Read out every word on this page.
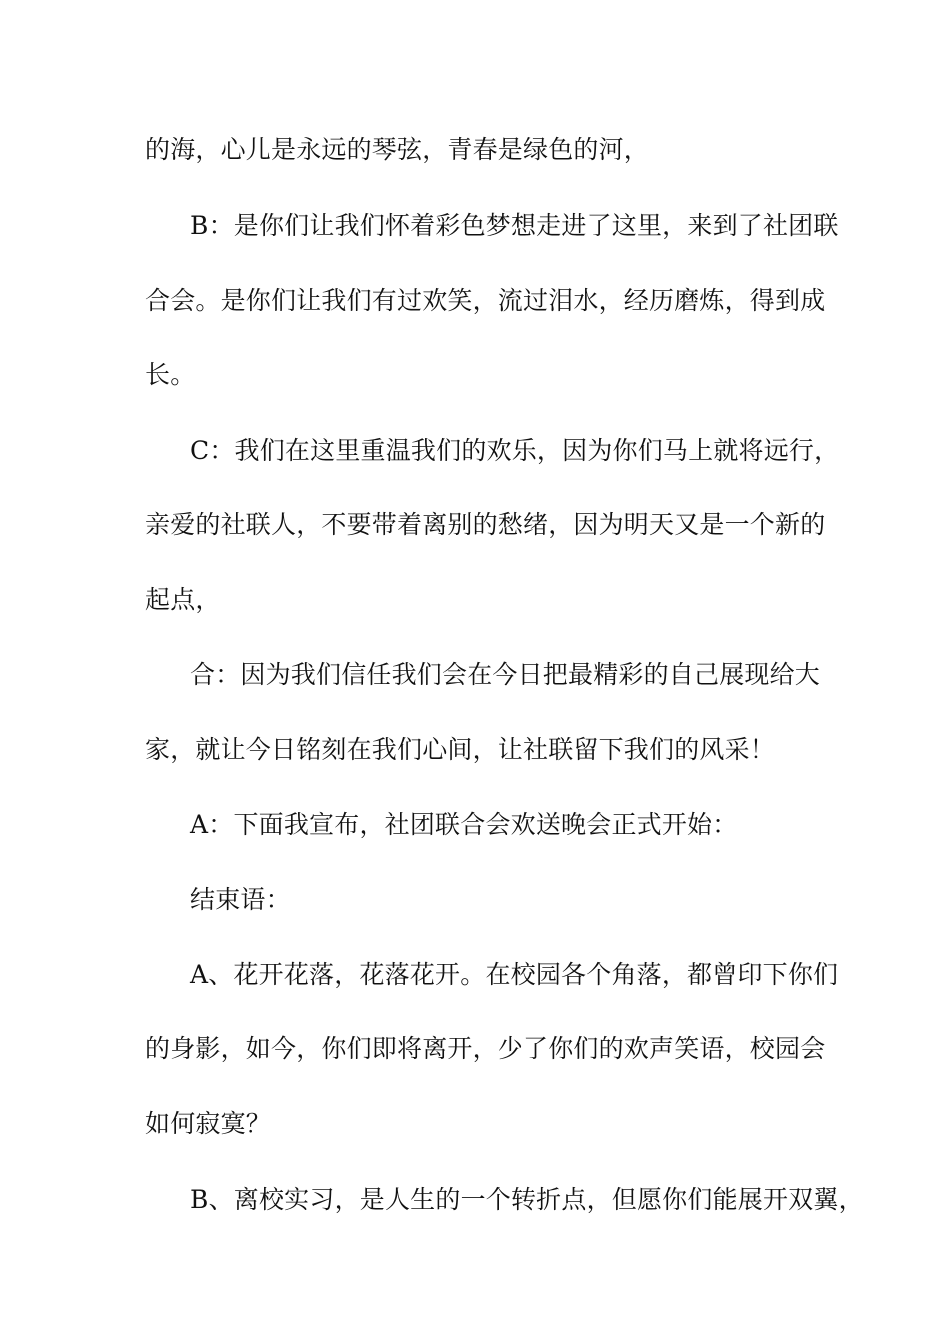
的海，心儿是永远的琴弦，青春是绿色的河，
B：是你们让我们怀着彩色梦想走进了这里，来到了社团联
合会。是你们让我们有过欢笑，流过泪水，经历磨炼，得到成
长。
C：我们在这里重温我们的欢乐，因为你们马上就将远行，
亲爱的社联人，不要带着离别的愁绪，因为明天又是一个新的
起点，
合：因为我们信任我们会在今日把最精彩的自己展现给大
家，就让今日铭刻在我们心间，让社联留下我们的风采！
A：下面我宣布，社团联合会欢送晚会正式开始：
结束语：
A、花开花落，花落花开。在校园各个角落，都曾印下你们
的身影，如今，你们即将离开，少了你们的欢声笑语，校园会
如何寂寞？
B、离校实习，是人生的一个转折点，但愿你们能展开双翼，
